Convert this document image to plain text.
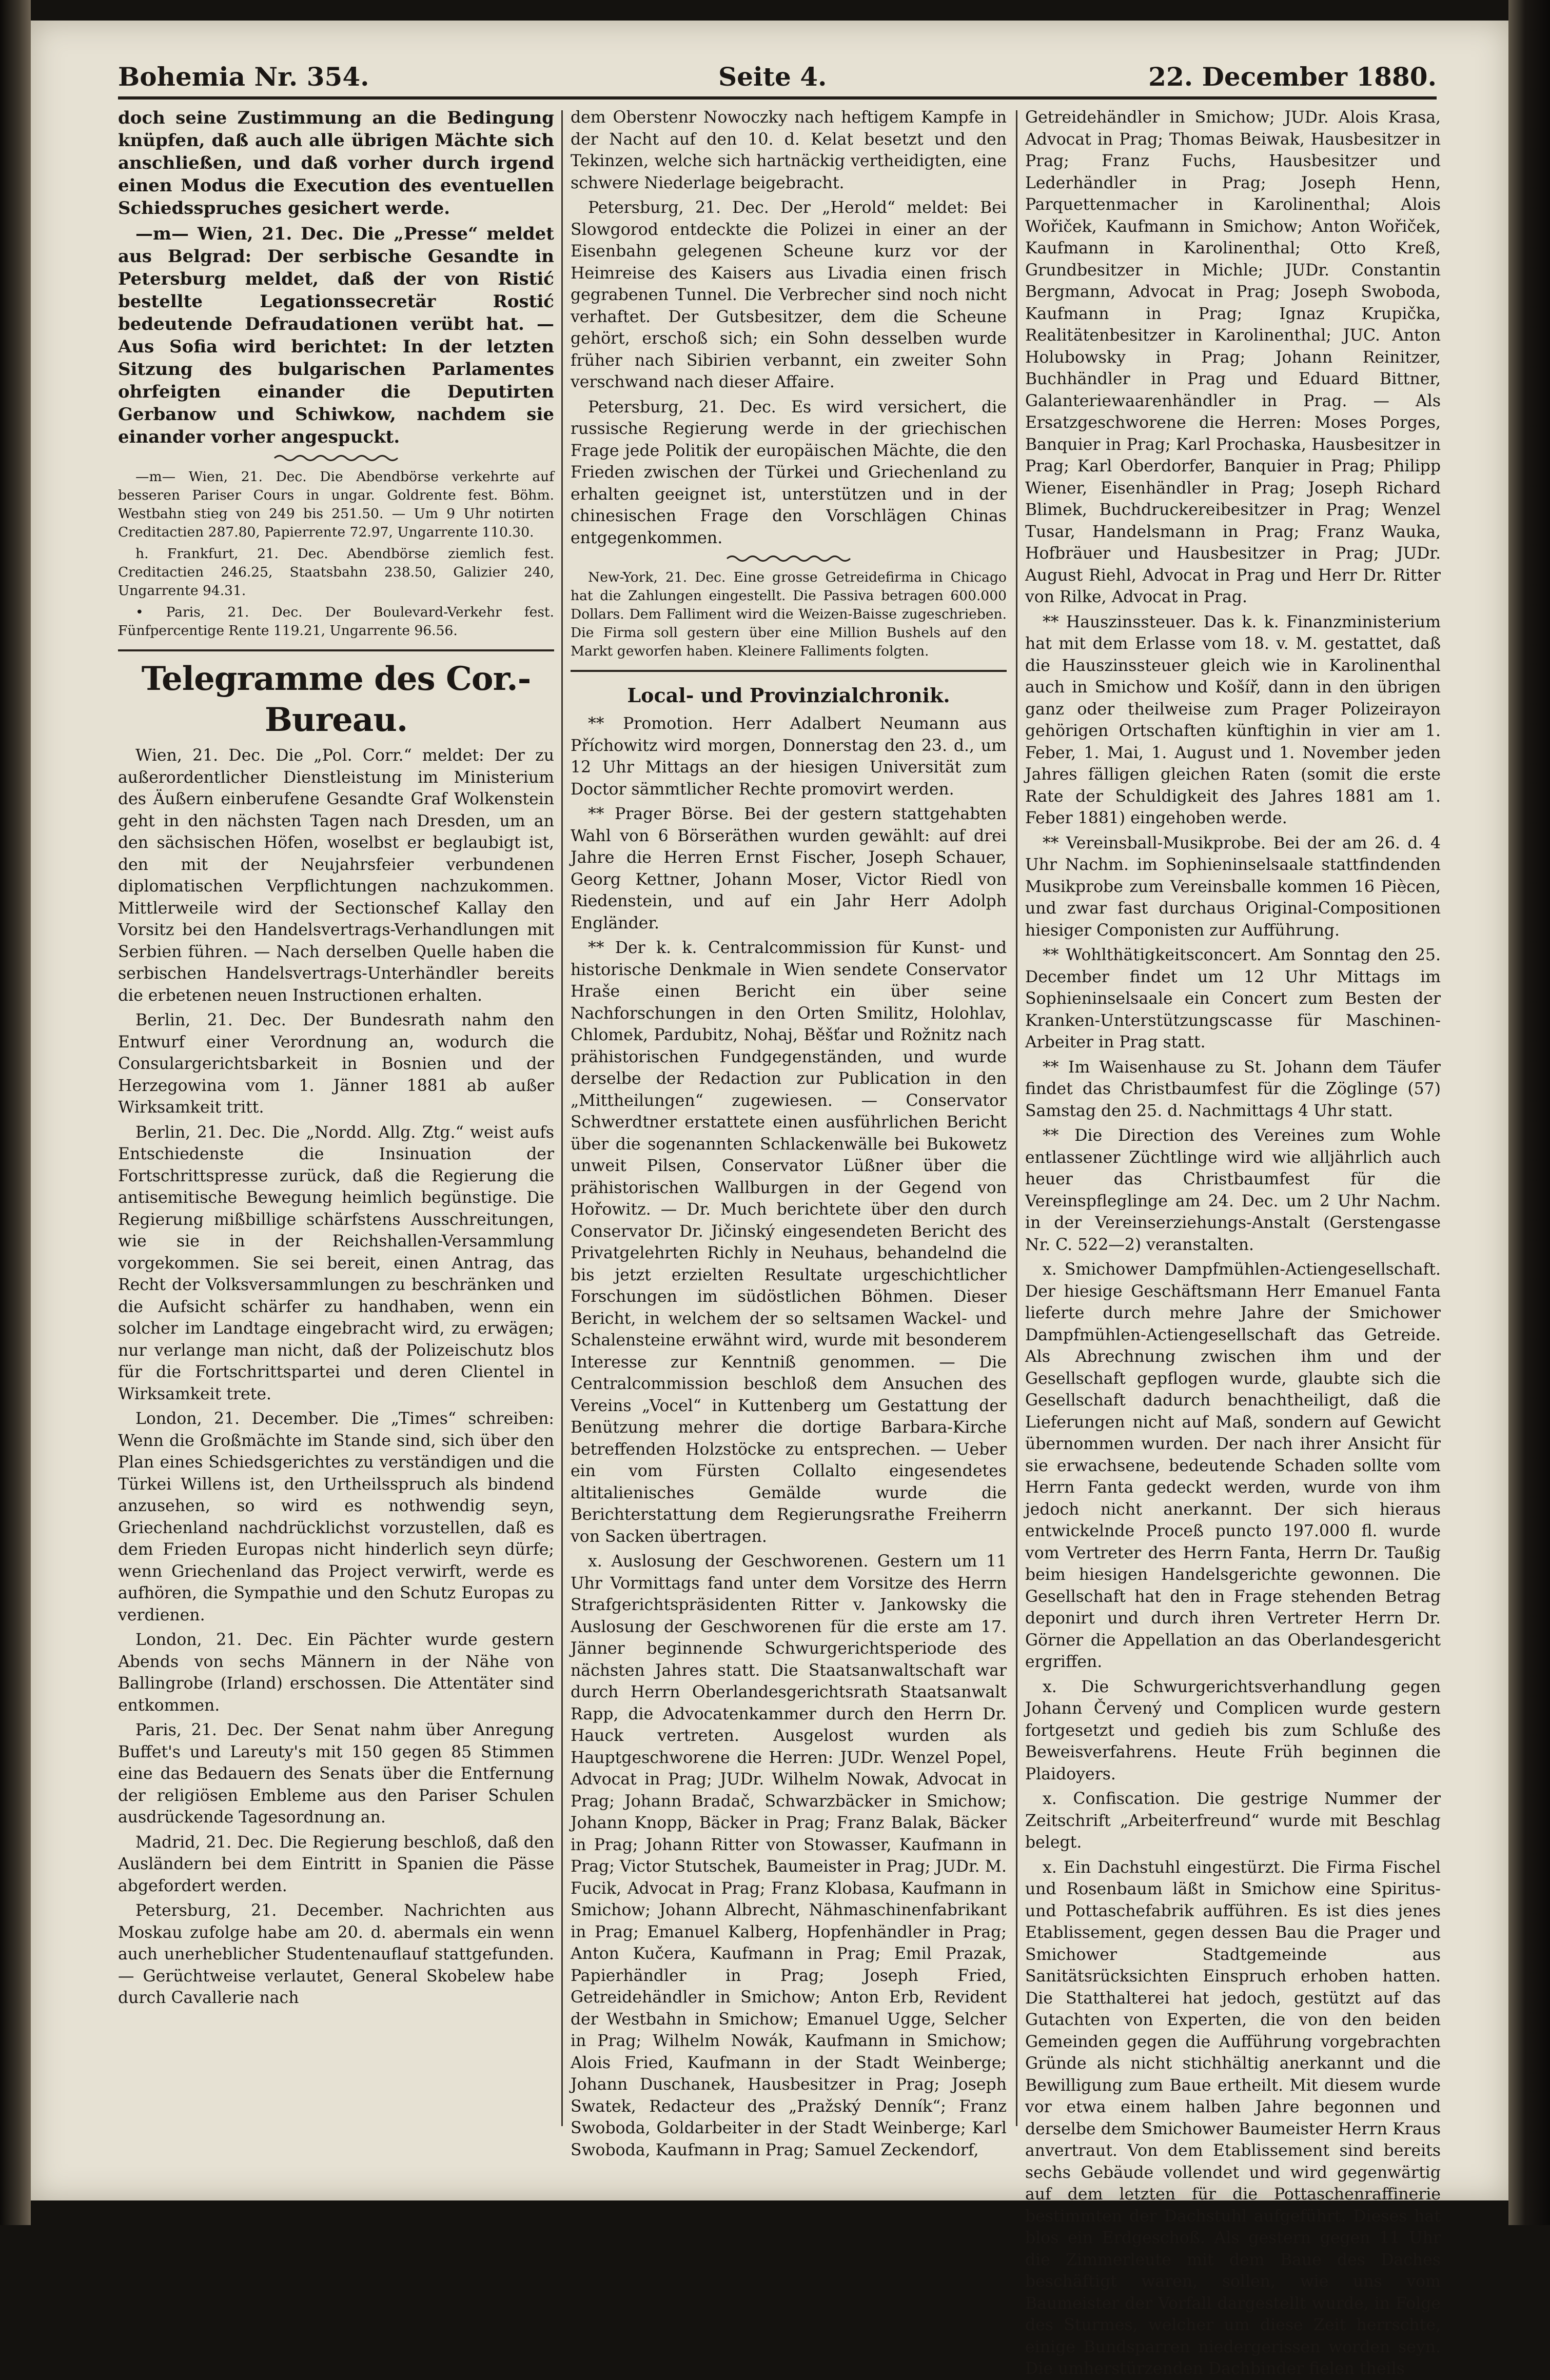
Bohemia Nr. 354.	Seite 4.	22. December 1880.

doch seine Zustimmung an die Bedingung knüpfen, daß auch alle übrigen Mächte sich anschließen, und daß vorher durch irgend einen Modus die Execution des eventuellen Schiedsspruches gesichert werde.

—m— Wien, 21. Dec. Die „Presse“ meldet aus Belgrad: Der serbische Gesandte in Petersburg meldet, daß der von Ristić bestellte Legationssecretär Rostić bedeutende Defraudationen verübt hat. — Aus Sofia wird berichtet: In der letzten Sitzung des bulgarischen Parlamentes ohrfeigten einander die Deputirten Gerbanow und Schiwkow, nachdem sie einander vorher angespuckt.

—m— Wien, 21. Dec. Die Abendbörse verkehrte auf besseren Pariser Cours in ungar. Goldrente fest. Böhm. Westbahn stieg von 249 bis 251.50. — Um 9 Uhr notirten Creditactien 287.80, Papierrente 72.97, Ungarrente 110.30.

h. Frankfurt, 21. Dec. Abendbörse ziemlich fest. Creditactien 246.25, Staatsbahn 238.50, Galizier 240, Ungarrente 94.31.

• Paris, 21. Dec. Der Boulevard-Verkehr fest. Fünfpercentige Rente 119.21, Ungarrente 96.56.

Telegramme des Cor.-Bureau.

Wien, 21. Dec. Die „Pol. Corr.“ meldet: Der zu außerordentlicher Dienstleistung im Ministerium des Äußern einberufene Gesandte Graf Wolkenstein geht in den nächsten Tagen nach Dresden, um an den sächsischen Höfen, woselbst er beglaubigt ist, den mit der Neujahrsfeier verbundenen diplomatischen Verpflichtungen nachzukommen. Mittlerweile wird der Sectionschef Kallay den Vorsitz bei den Handelsvertrags-Verhandlungen mit Serbien führen. — Nach derselben Quelle haben die serbischen Handelsvertrags-Unterhändler bereits die erbetenen neuen Instructionen erhalten.

Berlin, 21. Dec. Der Bundesrath nahm den Entwurf einer Verordnung an, wodurch die Consulargerichtsbarkeit in Bosnien und der Herzegowina vom 1. Jänner 1881 ab außer Wirksamkeit tritt.

Berlin, 21. Dec. Die „Nordd. Allg. Ztg.“ weist aufs Entschiedenste die Insinuation der Fortschrittspresse zurück, daß die Regierung die antisemitische Bewegung heimlich begünstige. Die Regierung mißbillige schärfstens Ausschreitungen, wie sie in der Reichshallen-Versammlung vorgekommen. Sie sei bereit, einen Antrag, das Recht der Volksversammlungen zu beschränken und die Aufsicht schärfer zu handhaben, wenn ein solcher im Landtage eingebracht wird, zu erwägen; nur verlange man nicht, daß der Polizeischutz blos für die Fortschrittspartei und deren Clientel in Wirksamkeit trete.

London, 21. December. Die „Times“ schreiben: Wenn die Großmächte im Stande sind, sich über den Plan eines Schiedsgerichtes zu verständigen und die Türkei Willens ist, den Urtheilsspruch als bindend anzusehen, so wird es nothwendig seyn, Griechenland nachdrücklichst vorzustellen, daß es dem Frieden Europas nicht hinderlich seyn dürfe; wenn Griechenland das Project verwirft, werde es aufhören, die Sympathie und den Schutz Europas zu verdienen.

London, 21. Dec. Ein Pächter wurde gestern Abends von sechs Männern in der Nähe von Ballingrobe (Irland) erschossen. Die Attentäter sind entkommen.

Paris, 21. Dec. Der Senat nahm über Anregung Buffet's und Lareuty's mit 150 gegen 85 Stimmen eine das Bedauern des Senats über die Entfernung der religiösen Embleme aus den Pariser Schulen ausdrückende Tagesordnung an.

Madrid, 21. Dec. Die Regierung beschloß, daß den Ausländern bei dem Eintritt in Spanien die Pässe abgefordert werden.

Petersburg, 21. December. Nachrichten aus Moskau zufolge habe am 20. d. abermals ein wenn auch unerheblicher Studentenauflauf stattgefunden. — Gerüchtweise verlautet, General Skobelew habe durch Cavallerie nach

dem Oberstenr Nowoczky nach heftigem Kampfe in der Nacht auf den 10. d. Kelat besetzt und den Tekinzen, welche sich hartnäckig vertheidigten, eine schwere Niederlage beigebracht.

Petersburg, 21. Dec. Der „Herold“ meldet: Bei Slowgorod entdeckte die Polizei in einer an der Eisenbahn gelegenen Scheune kurz vor der Heimreise des Kaisers aus Livadia einen frisch gegrabenen Tunnel. Die Verbrecher sind noch nicht verhaftet. Der Gutsbesitzer, dem die Scheune gehört, erschoß sich; ein Sohn desselben wurde früher nach Sibirien verbannt, ein zweiter Sohn verschwand nach dieser Affaire.

Petersburg, 21. Dec. Es wird versichert, die russische Regierung werde in der griechischen Frage jede Politik der europäischen Mächte, die den Frieden zwischen der Türkei und Griechenland zu erhalten geeignet ist, unterstützen und in der chinesischen Frage den Vorschlägen Chinas entgegenkommen.

New-York, 21. Dec. Eine grosse Getreidefirma in Chicago hat die Zahlungen eingestellt. Die Passiva betragen 600.000 Dollars. Dem Falliment wird die Weizen-Baisse zugeschrieben. Die Firma soll gestern über eine Million Bushels auf den Markt geworfen haben. Kleinere Falliments folgten.

Local- und Provinzialchronik.

** Promotion. Herr Adalbert Neumann aus Příchowitz wird morgen, Donnerstag den 23. d., um 12 Uhr Mittags an der hiesigen Universität zum Doctor sämmtlicher Rechte promovirt werden.

** Prager Börse. Bei der gestern stattgehabten Wahl von 6 Börseräthen wurden gewählt: auf drei Jahre die Herren Ernst Fischer, Joseph Schauer, Georg Kettner, Johann Moser, Victor Riedl von Riedenstein, und auf ein Jahr Herr Adolph Engländer.

** Der k. k. Centralcommission für Kunst- und historische Denkmale in Wien sendete Conservator Hraše einen Bericht ein über seine Nachforschungen in den Orten Smilitz, Holohlav, Chlomek, Pardubitz, Nohaj, Běšťar und Rožnitz nach prähistorischen Fundgegenständen, und wurde derselbe der Redaction zur Publication in den „Mittheilungen“ zugewiesen. — Conservator Schwerdtner erstattete einen ausführlichen Bericht über die sogenannten Schlackenwälle bei Bukowetz unweit Pilsen, Conservator Lüßner über die prähistorischen Wallburgen in der Gegend von Hořowitz. — Dr. Much berichtete über den durch Conservator Dr. Jičinský eingesendeten Bericht des Privatgelehrten Richly in Neuhaus, behandelnd die bis jetzt erzielten Resultate urgeschichtlicher Forschungen im südöstlichen Böhmen. Dieser Bericht, in welchem der so seltsamen Wackel- und Schalensteine erwähnt wird, wurde mit besonderem Interesse zur Kenntniß genommen. — Die Centralcommission beschloß dem Ansuchen des Vereins „Vocel“ in Kuttenberg um Gestattung der Benützung mehrer die dortige Barbara-Kirche betreffenden Holzstöcke zu entsprechen. — Ueber ein vom Fürsten Collalto eingesendetes altitalienisches Gemälde wurde die Berichterstattung dem Regierungsrathe Freiherrn von Sacken übertragen.

x. Auslosung der Geschworenen. Gestern um 11 Uhr Vormittags fand unter dem Vorsitze des Herrn Strafgerichtspräsidenten Ritter v. Jankowsky die Auslosung der Geschworenen für die erste am 17. Jänner beginnende Schwurgerichtsperiode des nächsten Jahres statt. Die Staatsanwaltschaft war durch Herrn Oberlandesgerichtsrath Staatsanwalt Rapp, die Advocatenkammer durch den Herrn Dr. Hauck vertreten. Ausgelost wurden als Hauptgeschworene die Herren: JUDr. Wenzel Popel, Advocat in Prag; JUDr. Wilhelm Nowak, Advocat in Prag; Johann Bradač, Schwarzbäcker in Smichow; Johann Knopp, Bäcker in Prag; Franz Balak, Bäcker in Prag; Johann Ritter von Stowasser, Kaufmann in Prag; Victor Stutschek, Baumeister in Prag; JUDr. M. Fucik, Advocat in Prag; Franz Klobasa, Kaufmann in Smichow; Johann Albrecht, Nähmaschinenfabrikant in Prag; Emanuel Kalberg, Hopfenhändler in Prag; Anton Kučera, Kaufmann in Prag; Emil Prazak, Papierhändler in Prag; Joseph Fried, Getreidehändler in Smichow; Anton Erb, Revident der Westbahn in Smichow; Emanuel Ugge, Selcher in Prag; Wilhelm Nowák, Kaufmann in Smichow; Alois Fried, Kaufmann in der Stadt Weinberge; Johann Duschanek, Hausbesitzer in Prag; Joseph Swatek, Redacteur des „Pražský Denník“; Franz Swoboda, Goldarbeiter in der Stadt Weinberge; Karl Swoboda, Kaufmann in Prag; Samuel Zeckendorf,

Getreidehändler in Smichow; JUDr. Alois Krasa, Advocat in Prag; Thomas Beiwak, Hausbesitzer in Prag; Franz Fuchs, Hausbesitzer und Lederhändler in Prag; Joseph Henn, Parquettenmacher in Karolinenthal; Alois Wořiček, Kaufmann in Smichow; Anton Wořiček, Kaufmann in Karolinenthal; Otto Kreß, Grundbesitzer in Michle; JUDr. Constantin Bergmann, Advocat in Prag; Joseph Swoboda, Kaufmann in Prag; Ignaz Krupička, Realitätenbesitzer in Karolinenthal; JUC. Anton Holubowsky in Prag; Johann Reinitzer, Buchhändler in Prag und Eduard Bittner, Galanteriewaarenhändler in Prag. — Als Ersatzgeschworene die Herren: Moses Porges, Banquier in Prag; Karl Prochaska, Hausbesitzer in Prag; Karl Oberdorfer, Banquier in Prag; Philipp Wiener, Eisenhändler in Prag; Joseph Richard Blimek, Buchdruckereibesitzer in Prag; Wenzel Tusar, Handelsmann in Prag; Franz Wauka, Hofbräuer und Hausbesitzer in Prag; JUDr. August Riehl, Advocat in Prag und Herr Dr. Ritter von Rilke, Advocat in Prag.

** Hauszinssteuer. Das k. k. Finanzministerium hat mit dem Erlasse vom 18. v. M. gestattet, daß die Hauszinssteuer gleich wie in Karolinenthal auch in Smichow und Košíř, dann in den übrigen ganz oder theilweise zum Prager Polizeirayon gehörigen Ortschaften künftighin in vier am 1. Feber, 1. Mai, 1. August und 1. November jeden Jahres fälligen gleichen Raten (somit die erste Rate der Schuldigkeit des Jahres 1881 am 1. Feber 1881) eingehoben werde.

** Vereinsball-Musikprobe. Bei der am 26. d. 4 Uhr Nachm. im Sophieninselsaale stattfindenden Musikprobe zum Vereinsballe kommen 16 Piècen, und zwar fast durchaus Original-Compositionen hiesiger Componisten zur Aufführung.

** Wohlthätigkeitsconcert. Am Sonntag den 25. December findet um 12 Uhr Mittags im Sophieninselsaale ein Concert zum Besten der Kranken-Unterstützungscasse für Maschinen-Arbeiter in Prag statt.

** Im Waisenhause zu St. Johann dem Täufer findet das Christbaumfest für die Zöglinge (57) Samstag den 25. d. Nachmittags 4 Uhr statt.

** Die Direction des Vereines zum Wohle entlassener Züchtlinge wird wie alljährlich auch heuer das Christbaumfest für die Vereinspfleglinge am 24. Dec. um 2 Uhr Nachm. in der Vereinserziehungs-Anstalt (Gerstengasse Nr. C. 522—2) veranstalten.

x. Smichower Dampfmühlen-Actiengesellschaft. Der hiesige Geschäftsmann Herr Emanuel Fanta lieferte durch mehre Jahre der Smichower Dampfmühlen-Actiengesellschaft das Getreide. Als Abrechnung zwischen ihm und der Gesellschaft gepflogen wurde, glaubte sich die Gesellschaft dadurch benachtheiligt, daß die Lieferungen nicht auf Maß, sondern auf Gewicht übernommen wurden. Der nach ihrer Ansicht für sie erwachsene, bedeutende Schaden sollte vom Herrn Fanta gedeckt werden, wurde von ihm jedoch nicht anerkannt. Der sich hieraus entwickelnde Proceß puncto 197.000 fl. wurde vom Vertreter des Herrn Fanta, Herrn Dr. Taußig beim hiesigen Handelsgerichte gewonnen. Die Gesellschaft hat den in Frage stehenden Betrag deponirt und durch ihren Vertreter Herrn Dr. Görner die Appellation an das Oberlandesgericht ergriffen.

x. Die Schwurgerichtsverhandlung gegen Johann Červený und Complicen wurde gestern fortgesetzt und gedieh bis zum Schluße des Beweisverfahrens. Heute Früh beginnen die Plaidoyers.

x. Confiscation. Die gestrige Nummer der Zeitschrift „Arbeiterfreund“ wurde mit Beschlag belegt.

x. Ein Dachstuhl eingestürzt. Die Firma Fischel und Rosenbaum läßt in Smichow eine Spiritus- und Pottaschefabrik aufführen. Es ist dies jenes Etablissement, gegen dessen Bau die Prager und Smichower Stadtgemeinde aus Sanitätsrücksichten Einspruch erhoben hatten. Die Statthalterei hat jedoch, gestützt auf das Gutachten von Experten, die von den beiden Gemeinden gegen die Aufführung vorgebrachten Gründe als nicht stichhältig anerkannt und die Bewilligung zum Baue ertheilt. Mit diesem wurde vor etwa einem halben Jahre begonnen und derselbe dem Smichower Baumeister Herrn Kraus anvertraut. Von dem Etablissement sind bereits sechs Gebäude vollendet und wird gegenwärtig auf dem letzten für die Pottaschenraffinerie bestimmten der Dachstuhl aufgeführt. Dieses hat blos ein Erdgeschoß. Als gestern gegen 11 Uhr die Zimmerleute mit dem Baue des Daches beschäftigt waren, sollen, wie uns vom Baumeister der Vorfall dargestellt wurde, in Folge des Sturmes, welcher um diese Zeit herrschte, einige Bundsparren niedergerissen worden seyn. Die umherstürzenden Dachbinder fielen theils
